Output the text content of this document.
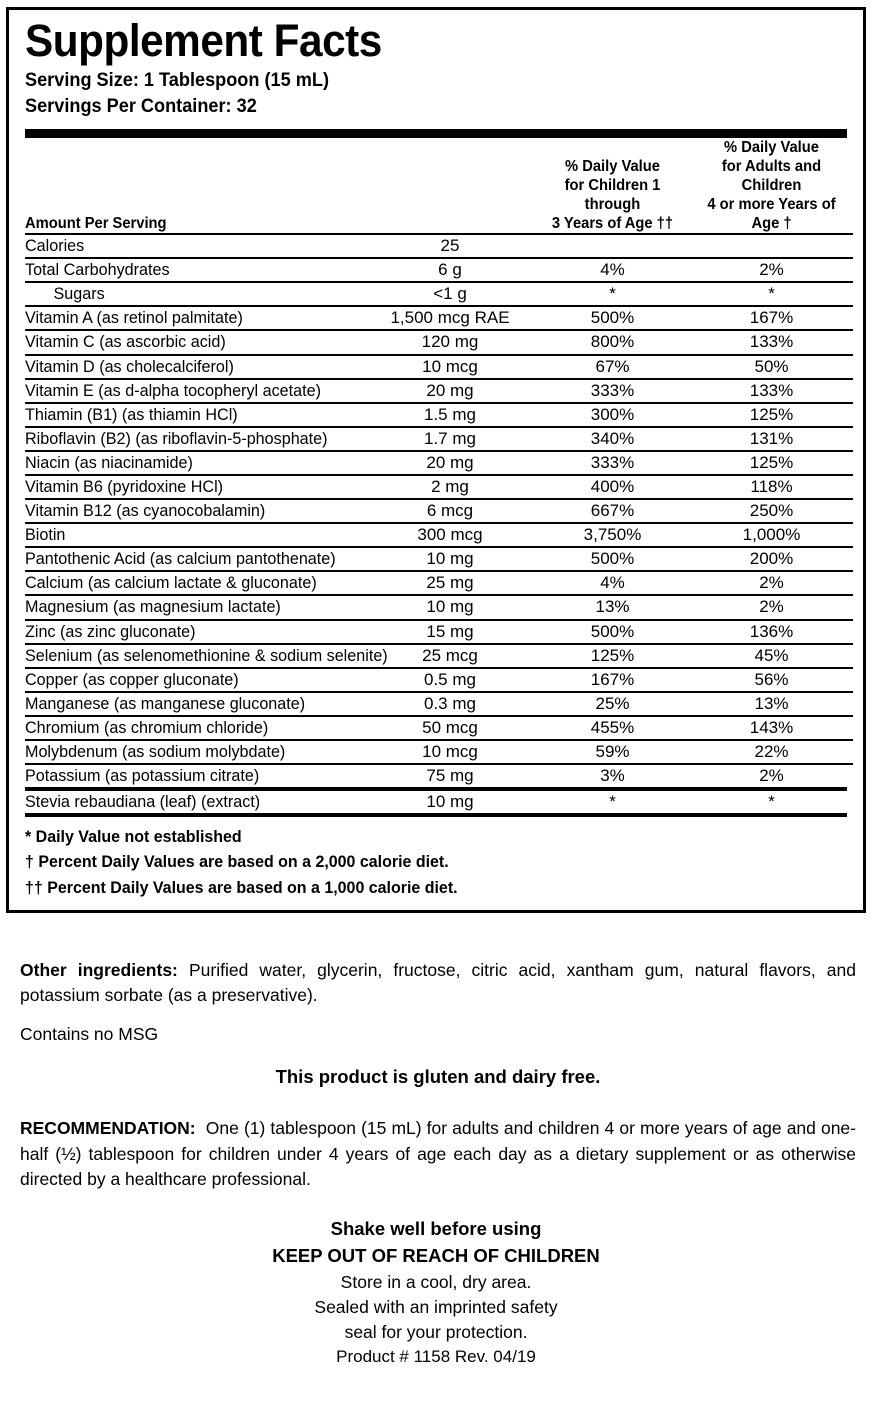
Supplement Facts
Serving Size: 1 Tablespoon (15 mL)
Servings Per Container: 32
Amount Per Serving		
% Daily Value
for Children 1 through
3 Years of Age ††

% Daily Value
for Adults and Children
4 or more Years of Age †

Calories	25		
Total Carbohydrates	6 g	4%	2%
Sugars	<1 g	*	*
Vitamin A (as retinol palmitate)	1,500 mcg RAE	500%	167%
Vitamin C (as ascorbic acid)	120 mg	800%	133%
Vitamin D (as cholecalciferol)	10 mcg	67%	50%
Vitamin E (as d-alpha tocopheryl acetate)	20 mg	333%	133%
Thiamin (B1) (as thiamin HCl)	1.5 mg	300%	125%
Riboflavin (B2) (as riboflavin-5-phosphate)	1.7 mg	340%	131%
Niacin (as niacinamide)	20 mg	333%	125%
Vitamin B6 (pyridoxine HCl)	2 mg	400%	118%
Vitamin B12 (as cyanocobalamin)	6 mcg	667%	250%
Biotin	300 mcg	3,750%	1,000%
Pantothenic Acid (as calcium pantothenate)	10 mg	500%	200%
Calcium (as calcium lactate & gluconate)	25 mg	4%	2%
Magnesium (as magnesium lactate)	10 mg	13%	2%
Zinc (as zinc gluconate)	15 mg	500%	136%
Selenium (as selenomethionine & sodium selenite)	25 mcg	125%	45%
Copper (as copper gluconate)	0.5 mg	167%	56%
Manganese (as manganese gluconate)	0.3 mg	25%	13%
Chromium (as chromium chloride)	50 mcg	455%	143%
Molybdenum (as sodium molybdate)	10 mcg	59%	22%
Potassium (as potassium citrate)	75 mg	3%	2%
Stevia rebaudiana (leaf) (extract)	10 mg	*	*
* Daily Value not established
† Percent Daily Values are based on a 2,000 calorie diet.
†† Percent Daily Values are based on a 1,000 calorie diet.

Other ingredients: Purified water, glycerin, fructose, citric acid, xantham gum, natural flavors, and potassium sorbate (as a preservative).

Contains no MSG

This product is gluten and dairy free.

RECOMMENDATION: One (1) tablespoon (15 mL) for adults and children 4 or more years of age and one-half (½) tablespoon for children under 4 years of age each day as a dietary supplement or as otherwise directed by a healthcare professional.

Shake well before using
KEEP OUT OF REACH OF CHILDREN
Store in a cool, dry area.
Sealed with an imprinted safety
seal for your protection.
Product # 1158 Rev. 04/19
